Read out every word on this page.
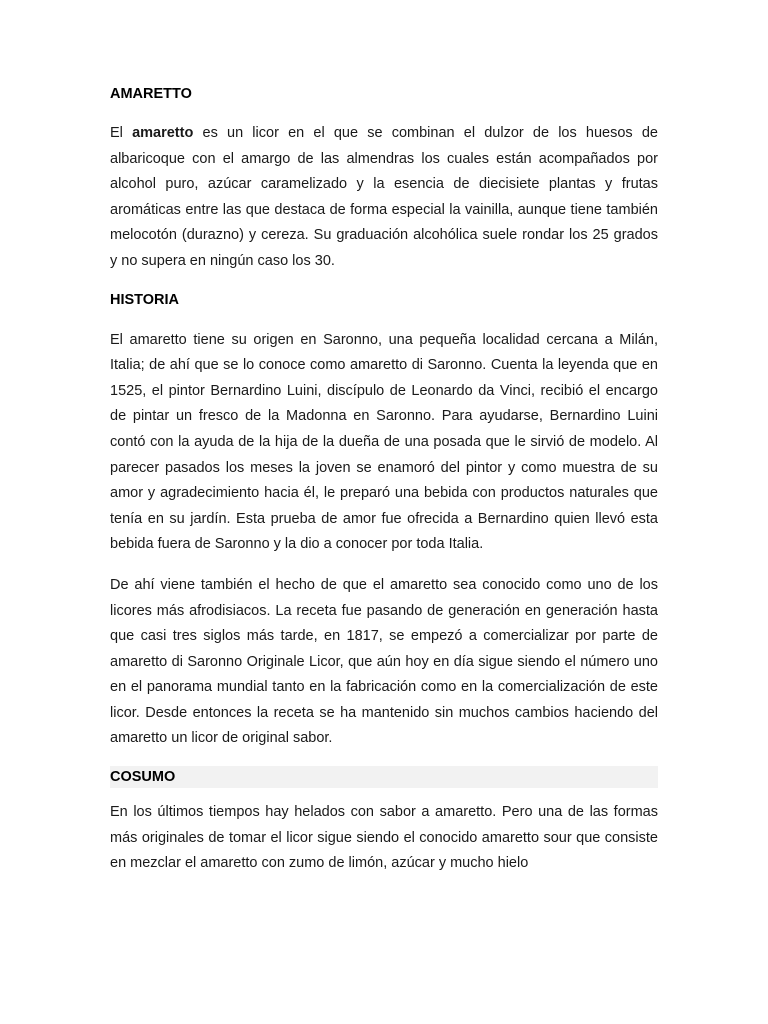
AMARETTO

El amaretto es un licor en el que se combinan el dulzor de los huesos de albaricoque con el amargo de las almendras los cuales están acompañados por alcohol puro, azúcar caramelizado y la esencia de diecisiete plantas y frutas aromáticas entre las que destaca de forma especial la vainilla, aunque tiene también melocotón (durazno) y cereza. Su graduación alcohólica suele rondar los 25 grados y no supera en ningún caso los 30.

HISTORIA

El amaretto tiene su origen en Saronno, una pequeña localidad cercana a Milán, Italia; de ahí que se lo conoce como amaretto di Saronno. Cuenta la leyenda que en 1525, el pintor Bernardino Luini, discípulo de Leonardo da Vinci, recibió el encargo de pintar un fresco de la Madonna en Saronno. Para ayudarse, Bernardino Luini contó con la ayuda de la hija de la dueña de una posada que le sirvió de modelo. Al parecer pasados los meses la joven se enamoró del pintor y como muestra de su amor y agradecimiento hacia él, le preparó una bebida con productos naturales que tenía en su jardín. Esta prueba de amor fue ofrecida a Bernardino quien llevó esta bebida fuera de Saronno y la dio a conocer por toda Italia.

De ahí viene también el hecho de que el amaretto sea conocido como uno de los licores más afrodisiacos. La receta fue pasando de generación en generación hasta que casi tres siglos más tarde, en 1817, se empezó a comercializar por parte de amaretto di Saronno Originale Licor, que aún hoy en día sigue siendo el número uno en el panorama mundial tanto en la fabricación como en la comercialización de este licor. Desde entonces la receta se ha mantenido sin muchos cambios haciendo del amaretto un licor de original sabor.

COSUMO

En los últimos tiempos hay helados con sabor a amaretto. Pero una de las formas más originales de tomar el licor sigue siendo el conocido amaretto sour que consiste en mezclar el amaretto con zumo de limón, azúcar y mucho hielo
